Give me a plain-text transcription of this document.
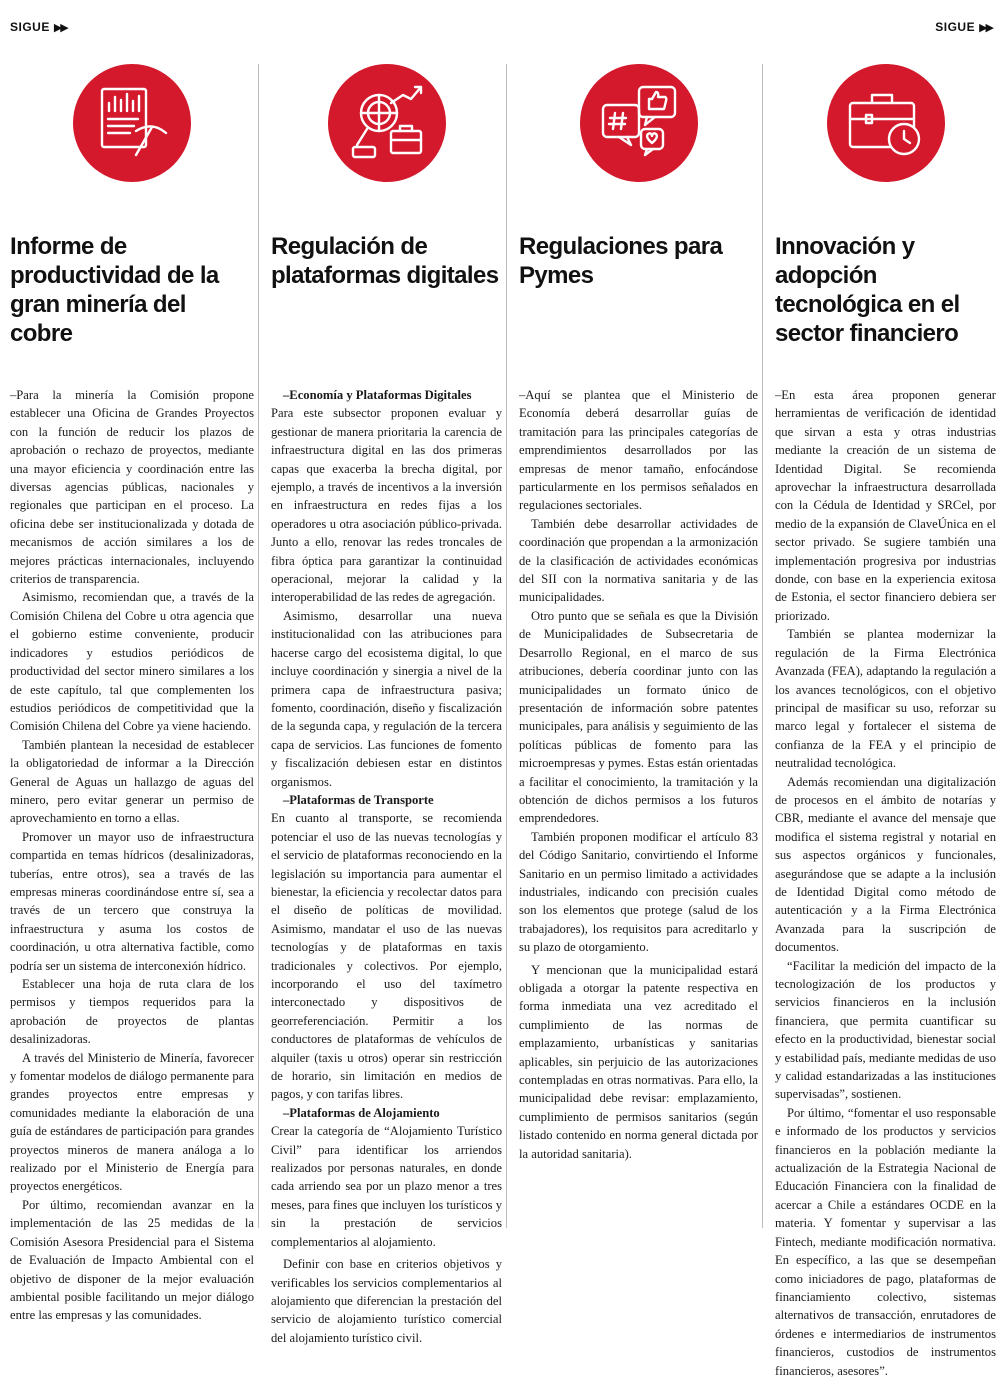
SIGUE ▶▶	SIGUE ▶▶
Informe de productividad de la gran minería del cobre

–Para la minería la Comisión propone establecer una Oficina de Grandes Proyectos con la función de reducir los plazos de aprobación o rechazo de proyectos, mediante una mayor eficiencia y coordinación entre las diversas agencias públicas, nacionales y regionales que participan en el proceso. La oficina debe ser institucionalizada y dotada de mecanismos de acción similares a los de mejores prácticas internacionales, incluyendo criterios de transparencia.

Asimismo, recomiendan que, a través de la Comisión Chilena del Cobre u otra agencia que el gobierno estime conveniente, producir indicadores y estudios periódicos de productividad del sector minero similares a los de este capítulo, tal que complementen los estudios periódicos de competitividad que la Comisión Chilena del Cobre ya viene haciendo.

También plantean la necesidad de establecer la obligatoriedad de informar a la Dirección General de Aguas un hallazgo de aguas del minero, pero evitar generar un permiso de aprovechamiento en torno a ellas.

Promover un mayor uso de infraestructura compartida en temas hídricos (desalinizadoras, tuberías, entre otros), sea a través de las empresas mineras coordinándose entre sí, sea a través de un tercero que construya la infraestructura y asuma los costos de coordinación, u otra alternativa factible, como podría ser un sistema de interconexión hídrico.

Establecer una hoja de ruta clara de los permisos y tiempos requeridos para la aprobación de proyectos de plantas desalinizadoras.

A través del Ministerio de Minería, favorecer y fomentar modelos de diálogo permanente para grandes proyectos entre empresas y comunidades mediante la elaboración de una guía de estándares de participación para grandes proyectos mineros de manera análoga a lo realizado por el Ministerio de Energía para proyectos energéticos.

Por último, recomiendan avanzar en la implementación de las 25 medidas de la Comisión Asesora Presidencial para el Sistema de Evaluación de Impacto Ambiental con el objetivo de disponer de la mejor evaluación ambiental posible facilitando un mejor diálogo entre las empresas y las comunidades.

Regulación de plataformas digitales

–Economía y Plataformas Digitales

Para este subsector proponen evaluar y gestionar de manera prioritaria la carencia de infraestructura digital en las dos primeras capas que exacerba la brecha digital, por ejemplo, a través de incentivos a la inversión en infraestructura en redes fijas a los operadores u otra asociación público-privada. Junto a ello, renovar las redes troncales de fibra óptica para garantizar la continuidad operacional, mejorar la calidad y la interoperabilidad de las redes de agregación.

Asimismo, desarrollar una nueva institucionalidad con las atribuciones para hacerse cargo del ecosistema digital, lo que incluye coordinación y sinergia a nivel de la primera capa de infraestructura pasiva; fomento, coordinación, diseño y fiscalización de la segunda capa, y regulación de la tercera capa de servicios. Las funciones de fomento y fiscalización debiesen estar en distintos organismos.

–Plataformas de Transporte

En cuanto al transporte, se recomienda potenciar el uso de las nuevas tecnologías y el servicio de plataformas reconociendo en la legislación su importancia para aumentar el bienestar, la eficiencia y recolectar datos para el diseño de políticas de movilidad. Asimismo, mandatar el uso de las nuevas tecnologías y de plataformas en taxis tradicionales y colectivos. Por ejemplo, incorporando el uso del taxímetro interconectado y dispositivos de georreferenciación. Permitir a los conductores de plataformas de vehículos de alquiler (taxis u otros) operar sin restricción de horario, sin limitación en medios de pagos, y con tarifas libres.

–Plataformas de Alojamiento

Crear la categoría de “Alojamiento Turístico Civil” para identificar los arriendos realizados por personas naturales, en donde cada arriendo sea por un plazo menor a tres meses, para fines que incluyen los turísticos y sin la prestación de servicios complementarios al alojamiento.

Definir con base en criterios objetivos y verificables los servicios complementarios al alojamiento que diferencian la prestación del servicio de alojamiento turístico comercial del alojamiento turístico civil.

Regulaciones para Pymes

–Aquí se plantea que el Ministerio de Economía deberá desarrollar guías de tramitación para las principales categorías de emprendimientos desarrollados por las empresas de menor tamaño, enfocándose particularmente en los permisos señalados en regulaciones sectoriales.

También debe desarrollar actividades de coordinación que propendan a la armonización de la clasificación de actividades económicas del SII con la normativa sanitaria y de las municipalidades.

Otro punto que se señala es que la División de Municipalidades de Subsecretaria de Desarrollo Regional, en el marco de sus atribuciones, debería coordinar junto con las municipalidades un formato único de presentación de información sobre patentes municipales, para análisis y seguimiento de las políticas públicas de fomento para las microempresas y pymes. Estas están orientadas a facilitar el conocimiento, la tramitación y la obtención de dichos permisos a los futuros emprendedores.

También proponen modificar el artículo 83 del Código Sanitario, convirtiendo el Informe Sanitario en un permiso limitado a actividades industriales, indicando con precisión cuales son los elementos que protege (salud de los trabajadores), los requisitos para acreditarlo y su plazo de otorgamiento.

Y mencionan que la municipalidad estará obligada a otorgar la patente respectiva en forma inmediata una vez acreditado el cumplimiento de las normas de emplazamiento, urbanísticas y sanitarias aplicables, sin perjuicio de las autorizaciones contempladas en otras normativas. Para ello, la municipalidad debe revisar: emplazamiento, cumplimiento de permisos sanitarios (según listado contenido en norma general dictada por la autoridad sanitaria).

Innovación y adopción tecnológica en el sector financiero

–En esta área proponen generar herramientas de verificación de identidad que sirvan a esta y otras industrias mediante la creación de un sistema de Identidad Digital. Se recomienda aprovechar la infraestructura desarrollada con la Cédula de Identidad y SRCel, por medio de la expansión de ClaveÚnica en el sector privado. Se sugiere también una implementación progresiva por industrias donde, con base en la experiencia exitosa de Estonia, el sector financiero debiera ser priorizado.

También se plantea modernizar la regulación de la Firma Electrónica Avanzada (FEA), adaptando la regulación a los avances tecnológicos, con el objetivo principal de masificar su uso, reforzar su marco legal y fortalecer el sistema de confianza de la FEA y el principio de neutralidad tecnológica.

Además recomiendan una digitalización de procesos en el ámbito de notarías y CBR, mediante el avance del mensaje que modifica el sistema registral y notarial en sus aspectos orgánicos y funcionales, asegurándose que se adapte a la inclusión de Identidad Digital como método de autenticación y a la Firma Electrónica Avanzada para la suscripción de documentos.

“Facilitar la medición del impacto de la tecnologización de los productos y servicios financieros en la inclusión financiera, que permita cuantificar su efecto en la productividad, bienestar social y estabilidad país, mediante medidas de uso y calidad estandarizadas a las instituciones supervisadas”, sostienen.

Por último, “fomentar el uso responsable e informado de los productos y servicios financieros en la población mediante la actualización de la Estrategia Nacional de Educación Financiera con la finalidad de acercar a Chile a estándares OCDE en la materia. Y fomentar y supervisar a las Fintech, mediante modificación normativa. En específico, a las que se desempeñan como iniciadores de pago, plataformas de financiamiento colectivo, sistemas alternativos de transacción, enrutadores de órdenes e intermediarios de instrumentos financieros, custodios de instrumentos financieros, asesores”.
